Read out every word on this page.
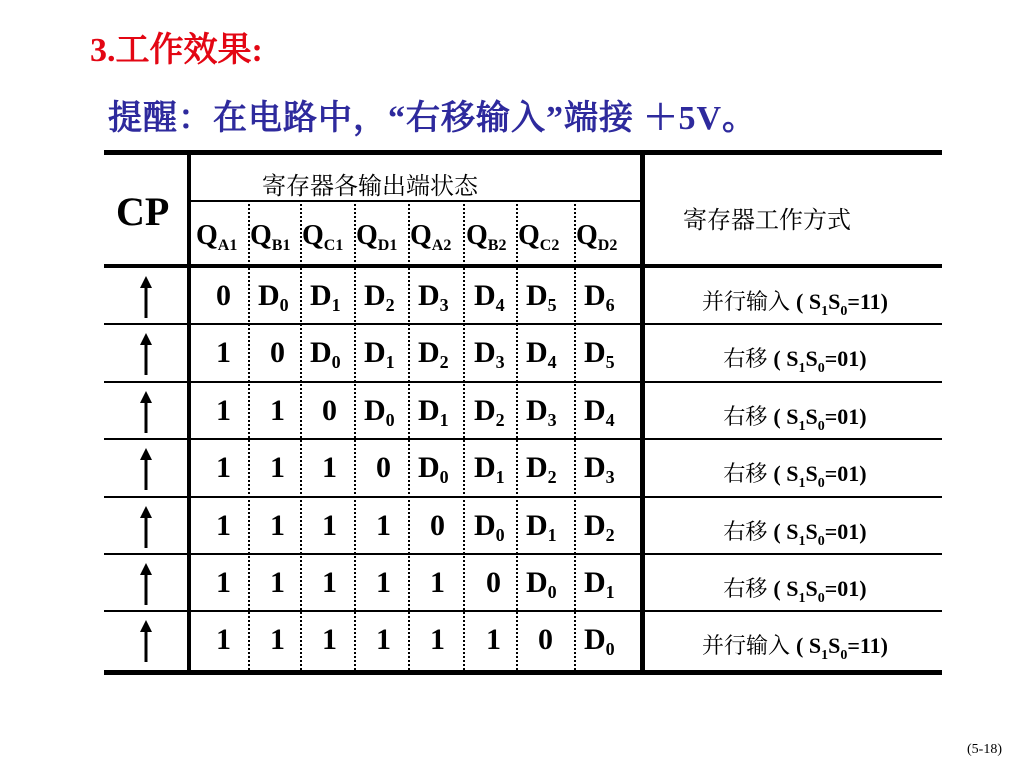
3.工作效果:
提醒：在电路中，“右移输入”端接 ＋5V。
CP
寄存器各输出端状态
寄存器工作方式
$Q_{A1}$ $Q_{B1}$ $Q_{C1}$ $Q_{D1}$ $Q_{A2}$ $Q_{B2}$ $Q_{C2}$ $Q_{D2}$
0 $D_0$ $D_1$ $D_2$ $D_3$ $D_4$ $D_5$ $D_6$	并行输入 ( $S_1S_0=11$)
1 0 $D_0$ $D_1$ $D_2$ $D_3$ $D_4$ $D_5$	右移 ( $S_1S_0=01$)
1 1 0 $D_0$ $D_1$ $D_2$ $D_3$ $D_4$	右移 ( $S_1S_0=01$)
1 1 1 0 $D_0$ $D_1$ $D_2$ $D_3$	右移 ( $S_1S_0=01$)
1 1 1 1 0 $D_0$ $D_1$ $D_2$	右移 ( $S_1S_0=01$)
1 1 1 1 1 0 $D_0$ $D_1$	右移 ( $S_1S_0=01$)
1 1 1 1 1 1 0 $D_0$	并行输入 ( $S_1S_0=11$)
(5-18)
